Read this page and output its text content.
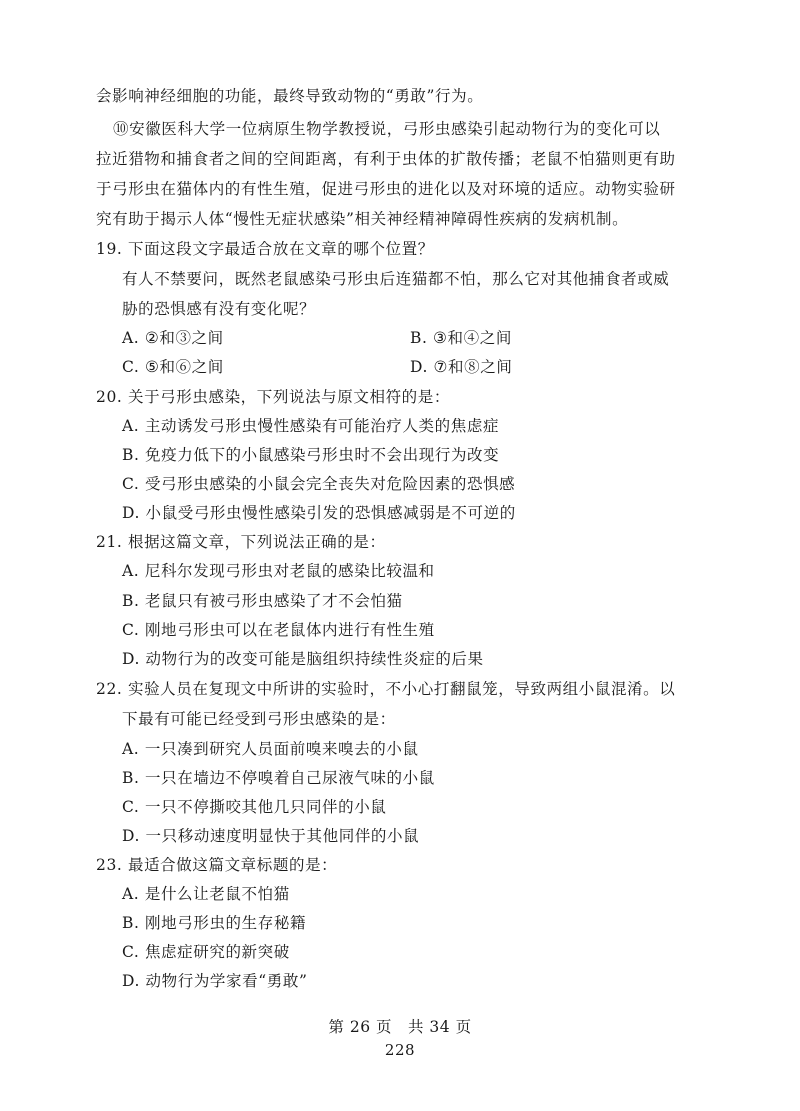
会影响神经细胞的功能，最终导致动物的“勇敢”行为。
⑩安徽医科大学一位病原生物学教授说，弓形虫感染引起动物行为的变化可以
拉近猎物和捕食者之间的空间距离，有利于虫体的扩散传播；老鼠不怕猫则更有助
于弓形虫在猫体内的有性生殖，促进弓形虫的进化以及对环境的适应。动物实验研
究有助于揭示人体“慢性无症状感染”相关神经精神障碍性疾病的发病机制。
19. 下面这段文字最适合放在文章的哪个位置？
有人不禁要问，既然老鼠感染弓形虫后连猫都不怕，那么它对其他捕食者或威
胁的恐惧感有没有变化呢？
A. ②和③之间	B. ③和④之间
C. ⑤和⑥之间	D. ⑦和⑧之间
20. 关于弓形虫感染，下列说法与原文相符的是：
A. 主动诱发弓形虫慢性感染有可能治疗人类的焦虑症
B. 免疫力低下的小鼠感染弓形虫时不会出现行为改变
C. 受弓形虫感染的小鼠会完全丧失对危险因素的恐惧感
D. 小鼠受弓形虫慢性感染引发的恐惧感减弱是不可逆的
21. 根据这篇文章，下列说法正确的是：
A. 尼科尔发现弓形虫对老鼠的感染比较温和
B. 老鼠只有被弓形虫感染了才不会怕猫
C. 刚地弓形虫可以在老鼠体内进行有性生殖
D. 动物行为的改变可能是脑组织持续性炎症的后果
22. 实验人员在复现文中所讲的实验时，不小心打翻鼠笼，导致两组小鼠混淆。以
下最有可能已经受到弓形虫感染的是：
A. 一只凑到研究人员面前嗅来嗅去的小鼠
B. 一只在墙边不停嗅着自己尿液气味的小鼠
C. 一只不停撕咬其他几只同伴的小鼠
D. 一只移动速度明显快于其他同伴的小鼠
23. 最适合做这篇文章标题的是：
A. 是什么让老鼠不怕猫
B. 刚地弓形虫的生存秘籍
C. 焦虑症研究的新突破
D. 动物行为学家看“勇敢”
第 26 页　共 34 页
228
